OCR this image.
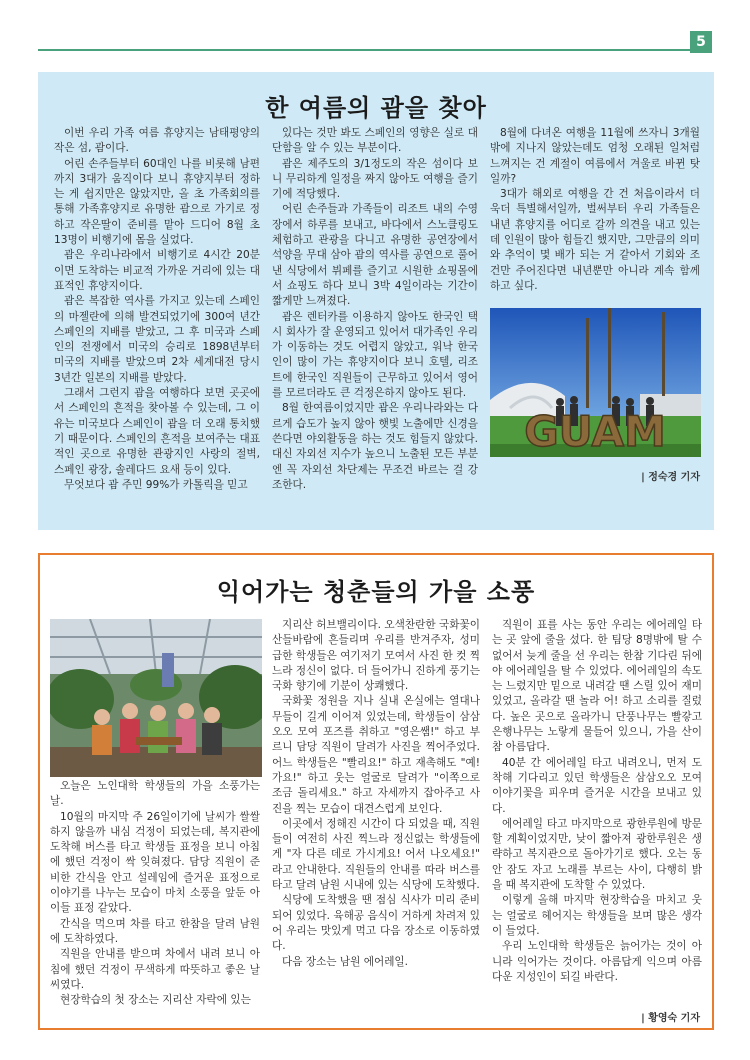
5
한 여름의 괌을 찾아

이번 우리 가족 여름 휴양지는 남태평양의 작은 섬, 괌이다.

어린 손주들부터 60대인 나를 비롯해 남편까지 3대가 움직이다 보니 휴양지부터 정하는 게 쉽지만은 않았지만, 올 초 가족회의를 통해 가족휴양지로 유명한 괌으로 가기로 정하고 작은딸이 준비를 맡아 드디어 8월 초 13명이 비행기에 몸을 실었다.

괌은 우리나라에서 비행기로 4시간 20분이면 도착하는 비교적 가까운 거리에 있는 대표적인 휴양지이다.

괌은 복잡한 역사를 가지고 있는데 스페인의 마젤란에 의해 발견되었기에 300여 년간 스페인의 지배를 받았고, 그 후 미국과 스페인의 전쟁에서 미국의 승리로 1898년부터 미국의 지배를 받았으며 2차 세계대전 당시 3년간 일본의 지배를 받았다.

그래서 그런지 괌을 여행하다 보면 곳곳에서 스페인의 흔적을 찾아볼 수 있는데, 그 이유는 미국보다 스페인이 괌을 더 오래 통치했기 때문이다. 스페인의 흔적을 보여주는 대표적인 곳으로 유명한 관광지인 사랑의 절벽, 스페인 광장, 솔레다드 요새 등이 있다.

무엇보다 괌 주민 99%가 카톨릭을 믿고

있다는 것만 봐도 스페인의 영향은 실로 대단함을 알 수 있는 부분이다.

괌은 제주도의 3/1정도의 작은 섬이다 보니 무리하게 일정을 짜지 않아도 여행을 즐기기에 적당했다.

어린 손주들과 가족들이 리조트 내의 수영장에서 하루를 보내고, 바다에서 스노클링도 체험하고 관광을 다니고 유명한 공연장에서 석양을 무대 삼아 괌의 역사를 공연으로 풀어낸 식당에서 뷔페를 즐기고 시원한 쇼핑몰에서 쇼핑도 하다 보니 3박 4일이라는 기간이 짧게만 느껴졌다.

괌은 렌터카를 이용하지 않아도 한국인 택시 회사가 잘 운영되고 있어서 대가족인 우리가 이동하는 것도 어렵지 않았고, 워낙 한국인이 많이 가는 휴양지이다 보니 호텔, 리조트에 한국인 직원들이 근무하고 있어서 영어를 모르더라도 큰 걱정은하지 않아도 된다.

8월 한여름이었지만 괌은 우리나라와는 다르게 습도가 높지 않아 햇빛 노출에만 신경을 쓴다면 야외활동을 하는 것도 힘들지 않았다. 대신 자외선 지수가 높으니 노출된 모든 부분엔 꼭 자외선 차단제는 무조건 바르는 걸 강조한다.

8월에 다녀온 여행을 11월에 쓰자니 3개월밖에 지나지 않았는데도 엄청 오래된 일처럼 느껴지는 건 계절이 여름에서 겨울로 바뀐 탓일까?

3대가 해외로 여행을 간 건 처음이라서 더욱더 특별해서일까, 벌써부터 우리 가족들은 내년 휴양지를 어디로 갈까 의견을 내고 있는데 인원이 많아 힘들긴 했지만, 그만큼의 의미와 추억이 몇 배가 되는 거 같아서 기회와 조건만 주어진다면 내년뿐만 아니라 계속 함께하고 싶다.

GUAM
| 정숙경 기자
익어가는 청춘들의 가을 소풍

오늘은 노인대학 학생들의 가을 소풍가는 날.

10월의 마지막 주 26일이기에 날씨가 쌀쌀하지 않을까 내심 걱정이 되었는데, 복지관에 도착해 버스를 타고 학생들 표정을 보니 아침에 했던 걱정이 싹 잊혀졌다. 담당 직원이 준비한 간식을 안고 설레임에 즐거운 표정으로 이야기를 나누는 모습이 마치 소풍을 앞둔 아이들 표정 같았다.

간식을 먹으며 차를 타고 한참을 달려 남원에 도착하였다.

직원을 안내를 받으며 차에서 내려 보니 아침에 했던 걱정이 무색하게 따뜻하고 좋은 날씨였다.

현장학습의 첫 장소는 지리산 자락에 있는

지리산 허브밸리이다. 오색찬란한 국화꽃이 산들바람에 흔들리며 우리를 반겨주자, 성미 급한 학생들은 여기저기 모여서 사진 한 컷 찍느라 정신이 없다. 더 들어가니 진하게 풍기는 국화 향기에 기분이 상쾌했다.

국화꽃 정원을 지나 실내 온실에는 열대나무들이 길게 이어져 있었는데, 학생들이 삼삼오오 모여 포즈를 취하고 "영은쌤!" 하고 부르니 담당 직원이 달려가 사진을 찍어주었다. 어느 학생들은 "빨리요!" 하고 재촉해도 "예! 가요!" 하고 웃는 얼굴로 달려가 "이쪽으로 조금 돌리세요." 하고 자세까지 잡아주고 사진을 찍는 모습이 대견스럽게 보인다.

이곳에서 정해진 시간이 다 되었을 때, 직원들이 여전히 사진 찍느라 정신없는 학생들에게 "자 다른 데로 가시게요! 어서 나오세요!" 라고 안내한다. 직원들의 안내를 따라 버스를 타고 달려 남원 시내에 있는 식당에 도착했다.

식당에 도착했을 땐 점심 식사가 미리 준비되어 있었다. 육해공 음식이 거하게 차려져 있어 우리는 맛있게 먹고 다음 장소로 이동하였다.

다음 장소는 남원 에어레일.

직원이 표를 사는 동안 우리는 에어레일 타는 곳 앞에 줄을 섰다. 한 팀당 8명밖에 탈 수 없어서 늦게 줄을 선 우리는 한참 기다린 뒤에야 에어레일을 탈 수 있었다. 에어레일의 속도는 느렸지만 밑으로 내려갈 땐 스릴 있어 재미있었고, 올라갈 땐 놀라 어! 하고 소리를 질렀다. 높은 곳으로 올라가니 단풍나무는 빨갛고 은행나무는 노랗게 물들어 있으니, 가을 산이 참 아름답다.

40분 간 에어레일 타고 내려오니, 먼저 도착해 기다리고 있던 학생들은 삼삼오오 모여 이야기꽃을 피우며 즐거운 시간을 보내고 있다.

에어레일 타고 마지막으로 광한루원에 방문할 계획이었지만, 낮이 짧아져 광한루원은 생략하고 복지관으로 돌아가기로 했다. 오는 동안 잠도 자고 노래를 부르는 사이, 다행히 밝을 때 복지관에 도착할 수 있었다.

이렇게 올해 마지막 현장학습을 마치고 웃는 얼굴로 헤어지는 학생들을 보며 많은 생각이 들었다.

우리 노인대학 학생들은 늙어가는 것이 아니라 익어가는 것이다. 아름답게 익으며 아름다운 지성인이 되길 바란다.

| 황영숙 기자
